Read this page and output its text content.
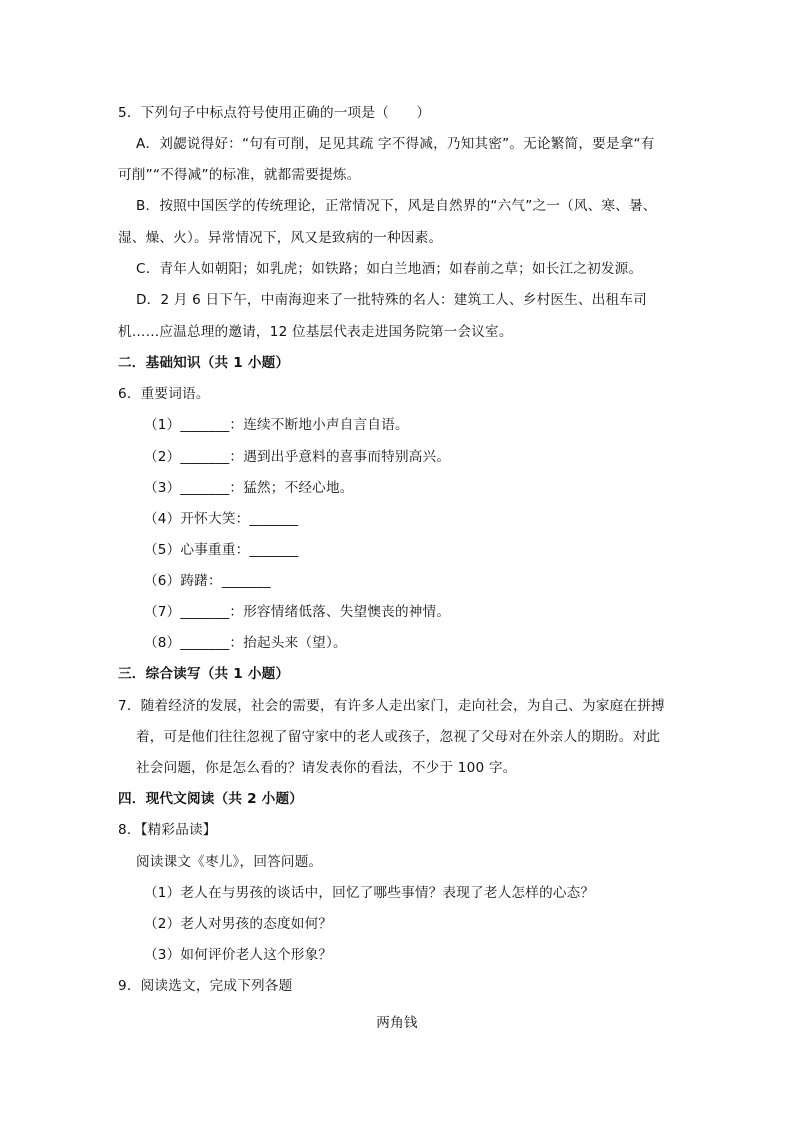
5．下列句子中标点符号使用正确的一项是（　　）
A．刘勰说得好：“句有可削，足见其疏 字不得减，乃知其密”。无论繁简，要是拿“有
可削”“不得减”的标准，就都需要提炼。
B．按照中国医学的传统理论，正常情况下，风是自然界的“六气”之一（风、寒、暑、
湿、燥、火）。异常情况下，风又是致病的一种因素。
C．青年人如朝阳；如乳虎；如铁路；如白兰地酒；如春前之草；如长江之初发源。
D．2 月 6 日下午，中南海迎来了一批特殊的名人：建筑工人、乡村医生、出租车司
机……应温总理的邀请，12 位基层代表走进国务院第一会议室。
二．基础知识（共 1 小题）
6．重要词语。
（1）_______：连续不断地小声自言自语。
（2）_______：遇到出乎意料的喜事而特别高兴。
（3）_______：猛然；不经心地。
（4）开怀大笑：_______
（5）心事重重：_______
（6）踌躇：_______
（7）_______：形容情绪低落、失望懊丧的神情。
（8）_______：抬起头来（望）。
三．综合读写（共 1 小题）
7．随着经济的发展，社会的需要，有许多人走出家门，走向社会，为自己、为家庭在拼搏
着，可是他们往往忽视了留守家中的老人或孩子，忽视了父母对在外亲人的期盼。对此
社会问题，你是怎么看的？请发表你的看法，不少于 100 字。
四．现代文阅读（共 2 小题）
8．【精彩品读】
阅读课文《枣儿》，回答问题。
（1）老人在与男孩的谈话中，回忆了哪些事情？表现了老人怎样的心态？
（2）老人对男孩的态度如何？
（3）如何评价老人这个形象？
9．阅读选文，完成下列各题
两角钱
